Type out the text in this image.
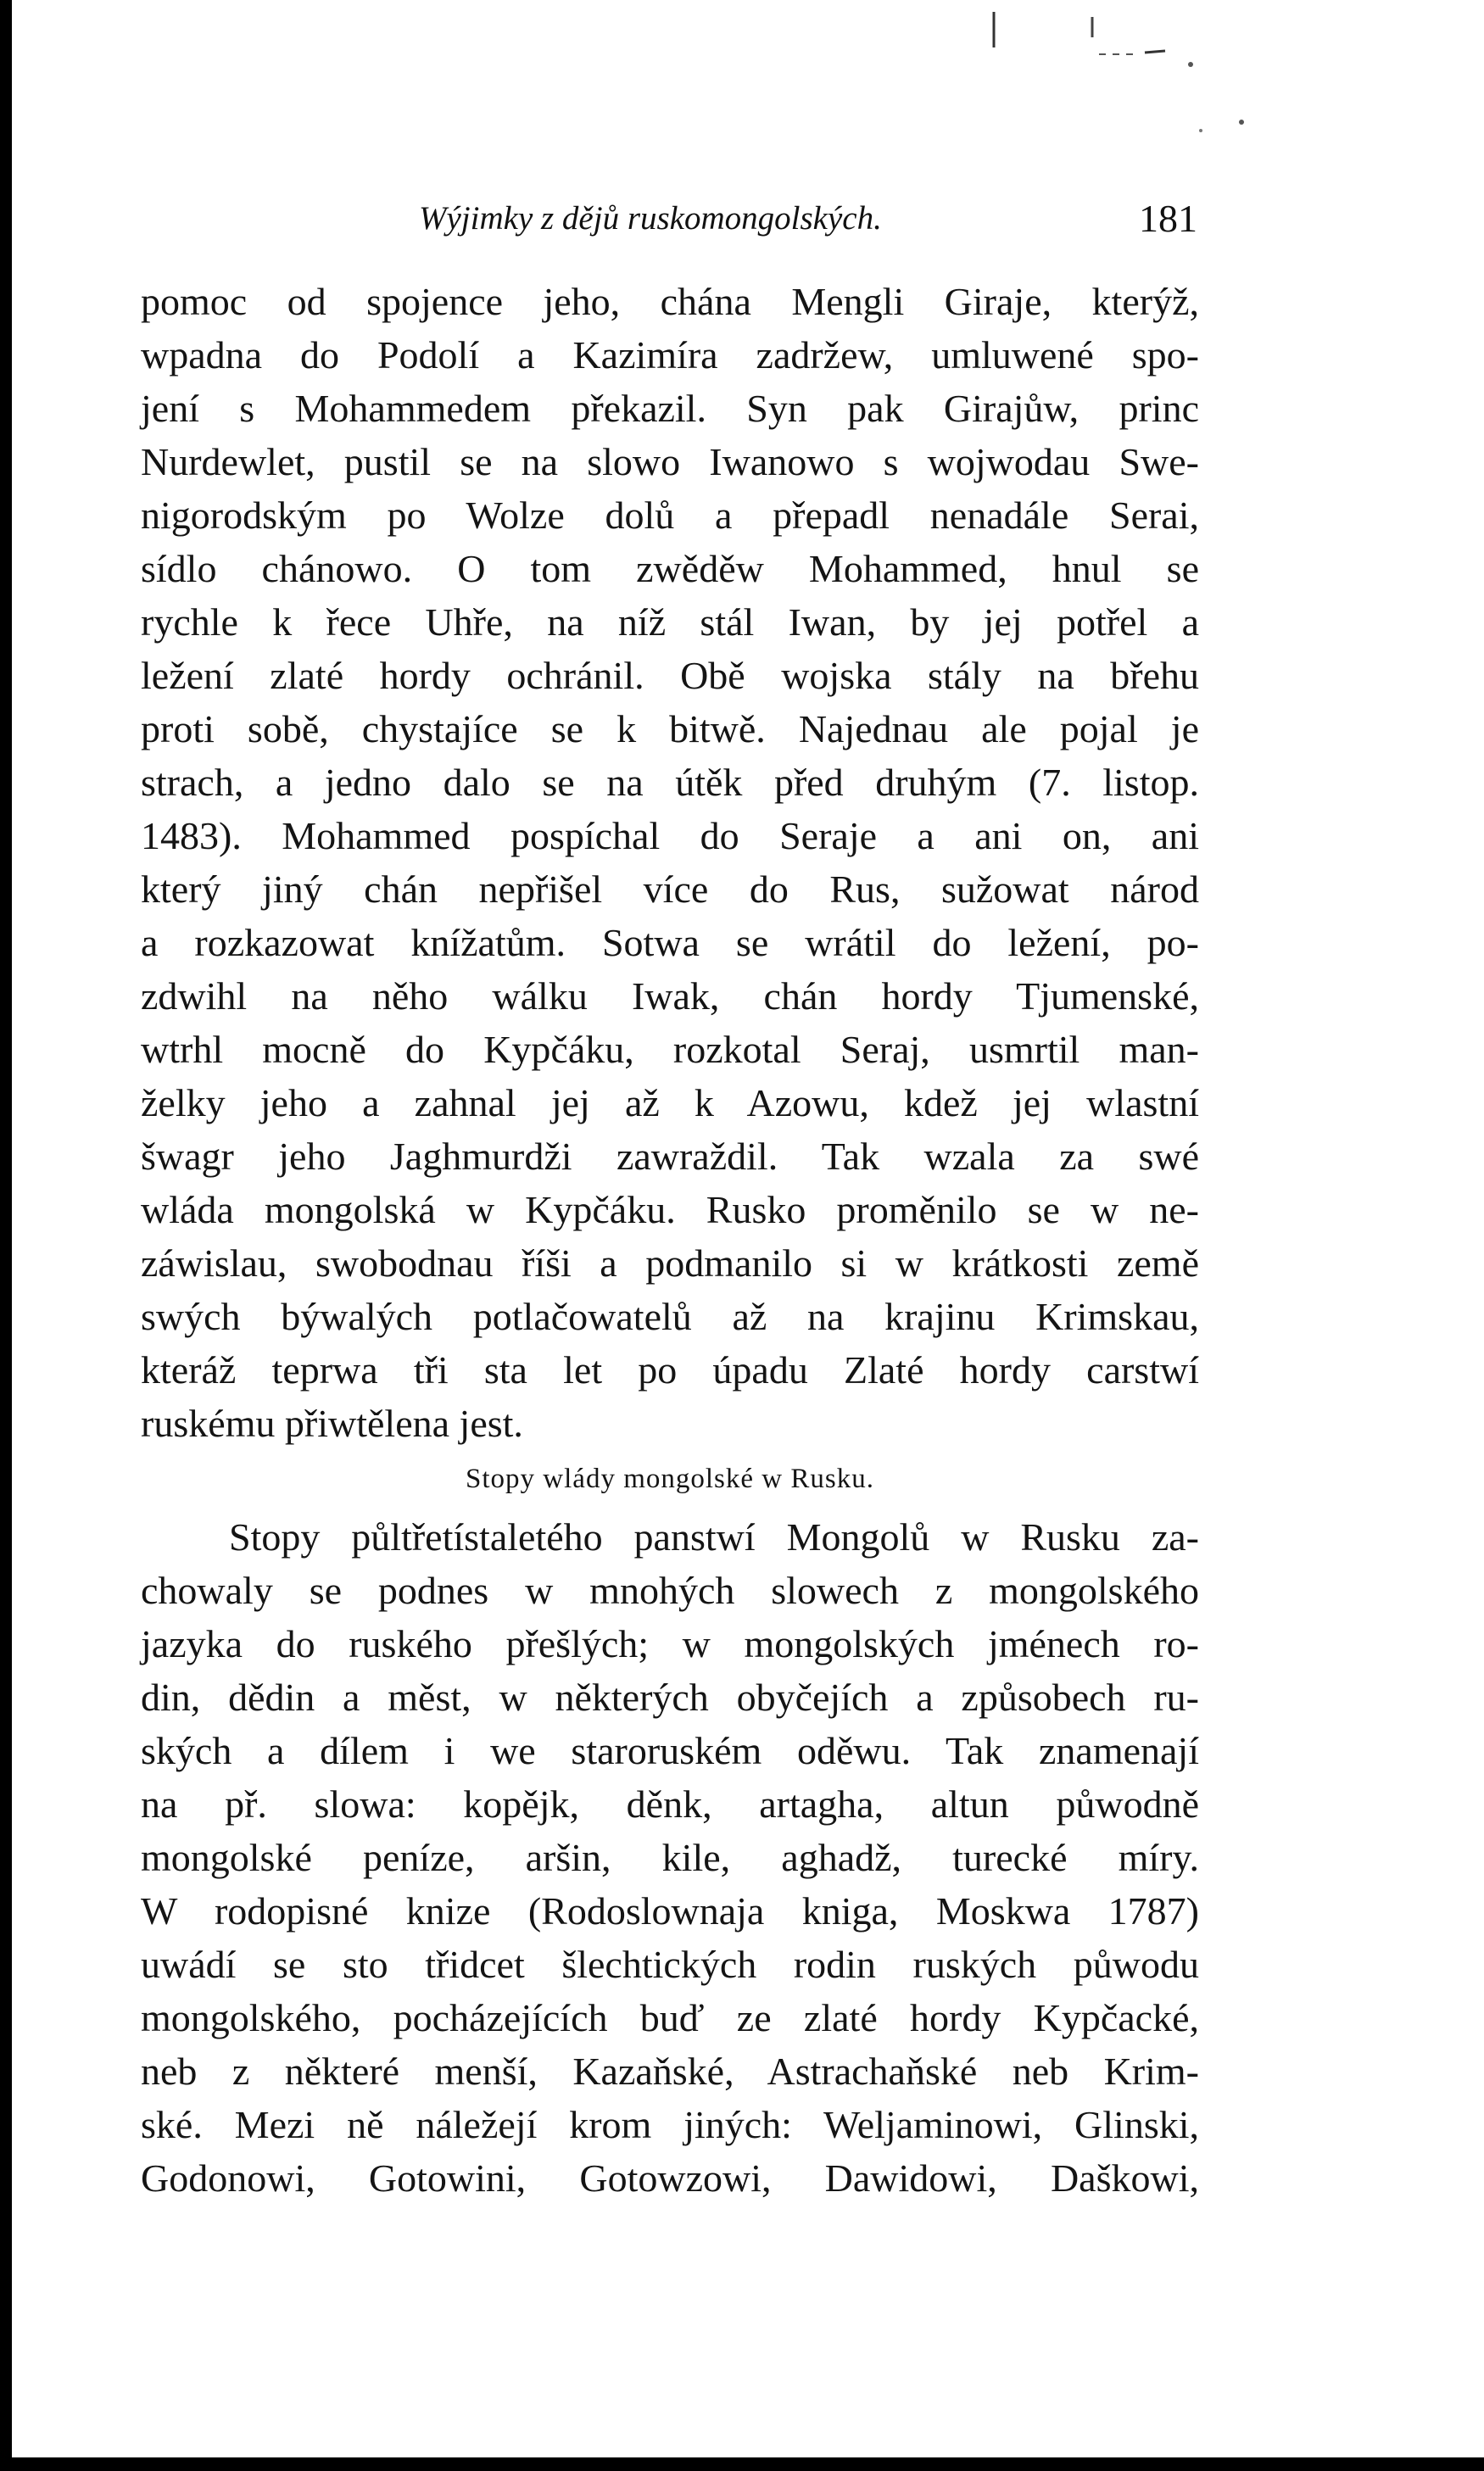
Wýjimky z dějů ruskomongolských.	181
pomoc od spojence jeho, chána Mengli Giraje, kterýž,
wpadna do Podolí a Kazimíra zadržew, umluwené spo-
jení s Mohammedem překazil. Syn pak Girajůw, princ
Nurdewlet, pustil se na slowo Iwanowo s wojwodau Swe-
nigorodským po Wolze dolů a přepadl nenadále Serai,
sídlo chánowo. O tom zwěděw Mohammed, hnul se
rychle k řece Uhře, na níž stál Iwan, by jej potřel a
ležení zlaté hordy ochránil. Obě wojska stály na břehu
proti sobě, chystajíce se k bitwě. Najednau ale pojal je
strach, a jedno dalo se na útěk před druhým (7. listop.
1483). Mohammed pospíchal do Seraje a ani on, ani
který jiný chán nepřišel více do Rus, sužowat národ
a rozkazowat knížatům. Sotwa se wrátil do ležení, po-
zdwihl na něho wálku Iwak, chán hordy Tjumenské,
wtrhl mocně do Kypčáku, rozkotal Seraj, usmrtil man-
želky jeho a zahnal jej až k Azowu, kdež jej wlastní
šwagr jeho Jaghmurdži zawraždil. Tak wzala za swé
wláda mongolská w Kypčáku. Rusko proměnilo se w ne-
záwislau, swobodnau říši a podmanilo si w krátkosti země
swých býwalých potlačowatelů až na krajinu Krimskau,
kteráž teprwa tři sta let po úpadu Zlaté hordy carstwí
ruskému přiwtělena jest.
Stopy wlády mongolské w Rusku.
Stopy půltřetístaletého panstwí Mongolů w Rusku za-
chowaly se podnes w mnohých slowech z mongolského
jazyka do ruského přešlých; w mongolských jménech ro-
din, dědin a měst, w některých obyčejích a způsobech ru-
ských a dílem i we staroruském oděwu. Tak znamenají
na př. slowa: kopějk, děnk, artagha, altun půwodně
mongolské peníze, aršin, kile, aghadž, turecké míry.
W rodopisné knize (Rodoslownaja kniga, Moskwa 1787)
uwádí se sto třidcet šlechtických rodin ruských půwodu
mongolského, pocházejících buď ze zlaté hordy Kypčacké,
neb z některé menší, Kazaňské, Astrachaňské neb Krim-
ské. Mezi ně náležejí krom jiných: Weljaminowi, Glinski,
Godonowi, Gotowini, Gotowzowi, Dawidowi, Daškowi,
